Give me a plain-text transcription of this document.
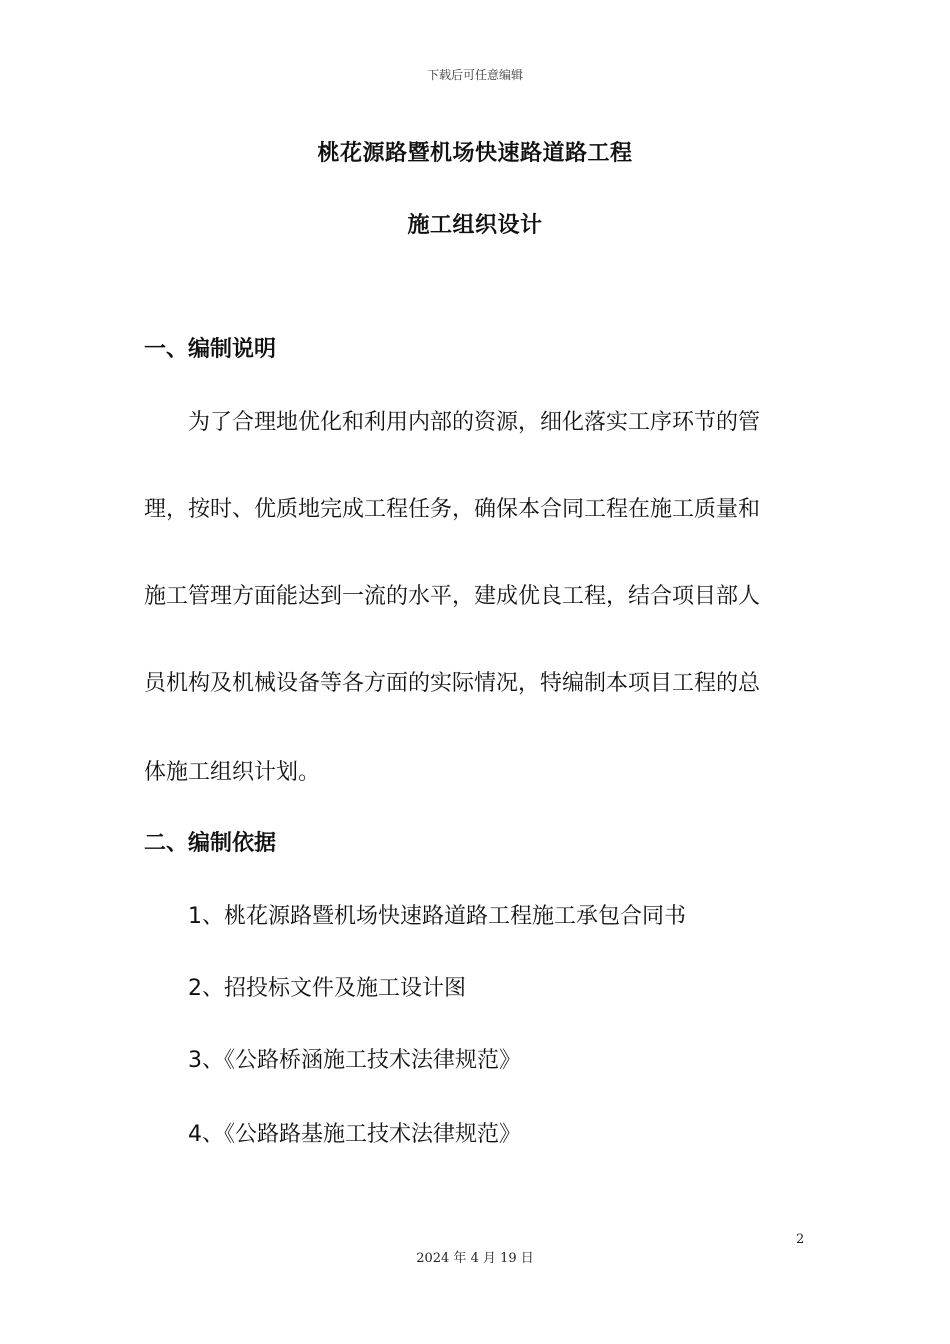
下载后可任意编辑
桃花源路暨机场快速路道路工程
施工组织设计
一、编制说明
为了合理地优化和利用内部的资源，细化落实工序环节的管
理，按时、优质地完成工程任务，确保本合同工程在施工质量和
施工管理方面能达到一流的水平，建成优良工程，结合项目部人
员机构及机械设备等各方面的实际情况，特编制本项目工程的总
体施工组织计划。
二、编制依据
1、桃花源路暨机场快速路道路工程施工承包合同书
2、招投标文件及施工设计图
3、《公路桥涵施工技术法律规范》
4、《公路路基施工技术法律规范》
2
2024 年 4 月 19 日
